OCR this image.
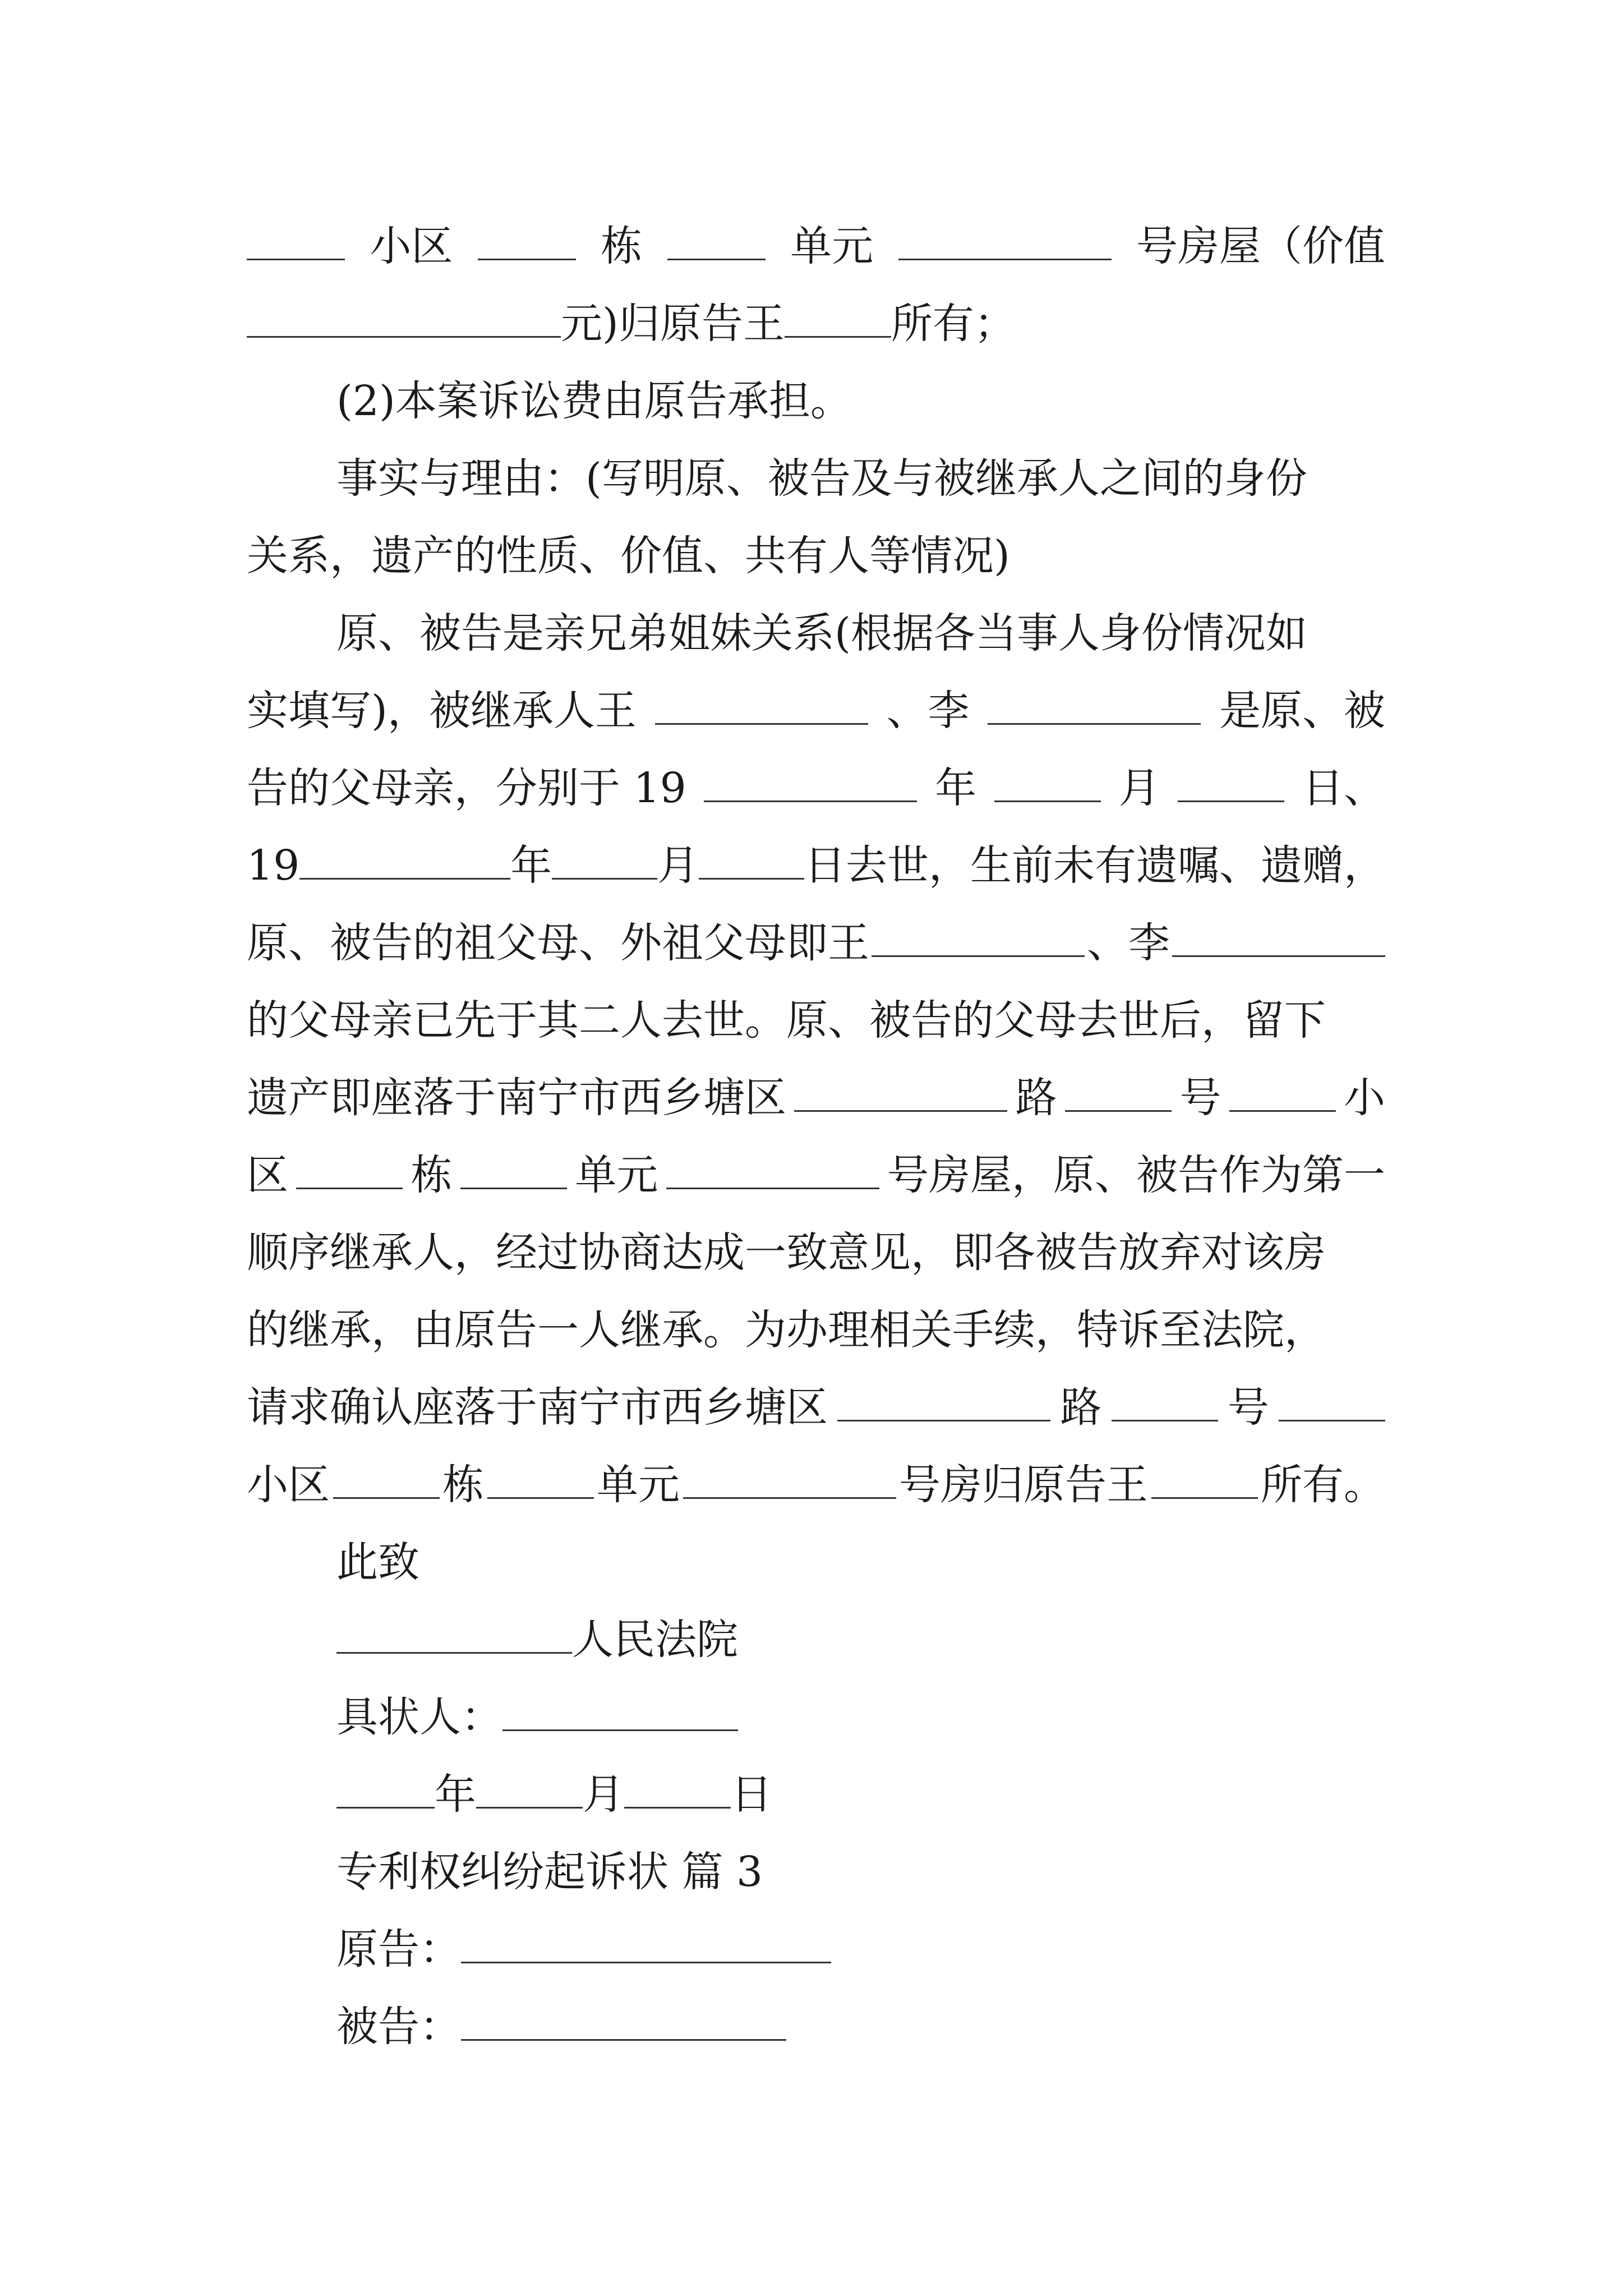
小区	栋	单元	号房屋（价值
元)归原告王	所有；
(2)本案诉讼费由原告承担。
事实与理由：(写明原、被告及与被继承人之间的身份
关系，遗产的性质、价值、共有人等情况)
原、被告是亲兄弟姐妹关系(根据各当事人身份情况如
实填写)，被继承人王	、李	是原、被
告的父母亲，分别于 19	年	月	日、
19	年	月	日去世，生前未有遗嘱、遗赠，
原、被告的祖父母、外祖父母即王	、李
的父母亲已先于其二人去世。原、被告的父母去世后，留下
遗产即座落于南宁市西乡塘区	路	号	小
区	栋	单元	号房屋，原、被告作为第一
顺序继承人，经过协商达成一致意见，即各被告放弃对该房
的继承，由原告一人继承。为办理相关手续，特诉至法院，
请求确认座落于南宁市西乡塘区	路	号
小区	栋	单元	号房归原告王	所有。
此致
人民法院
具状人：
年	月	日
专利权纠纷起诉状 篇 3
原告：
被告：
